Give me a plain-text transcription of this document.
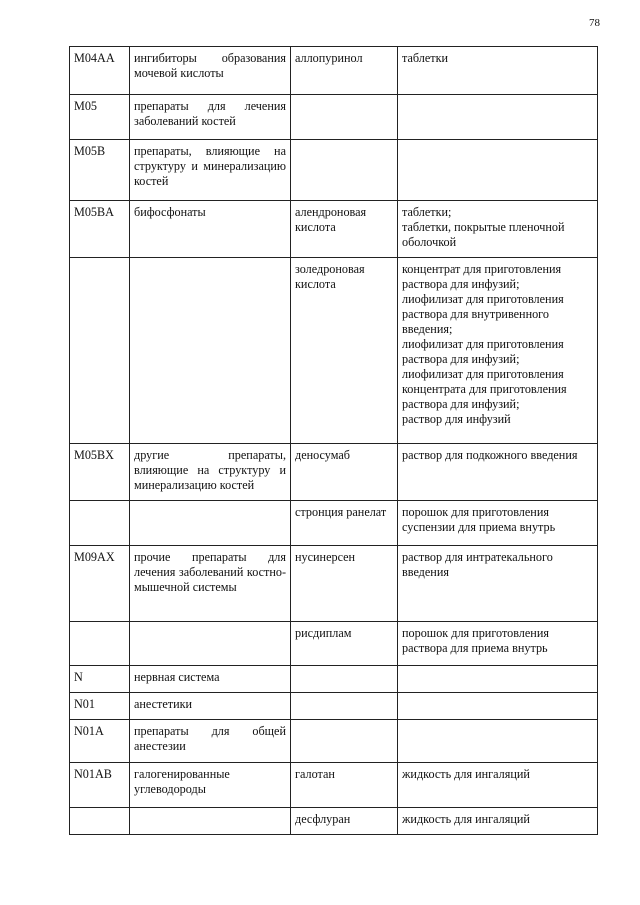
78
M04AA	ингибиторы образования мочевой кислоты	аллопуринол	таблетки
M05	препараты для лечения заболеваний костей		
M05B	препараты, влияющие на структуру и минерализацию костей		
M05BA	бифосфонаты	алендроновая кислота	таблетки;
таблетки, покрытые пленочной оболочкой
		золедроновая кислота	концентрат для приготовления раствора для инфузий;
лиофилизат для приготовления раствора для внутривенного введения;
лиофилизат для приготовления раствора для инфузий;
лиофилизат для приготовления концентрата для приготовления раствора для инфузий;
раствор для инфузий
M05BX	другие препараты, влияющие на структуру и минерализацию костей	деносумаб	раствор для подкожного введения
		стронция ранелат	порошок для приготовления суспензии для приема внутрь
M09AX	прочие препараты для лечения заболеваний костно-мышечной системы	нусинерсен	раствор для интратекального введения
		рисдиплам	порошок для приготовления раствора для приема внутрь
N	нервная система		
N01	анестетики		
N01A	препараты для общей анестезии		
N01AB	галогенированные углеводороды	галотан	жидкость для ингаляций
		десфлуран	жидкость для ингаляций
